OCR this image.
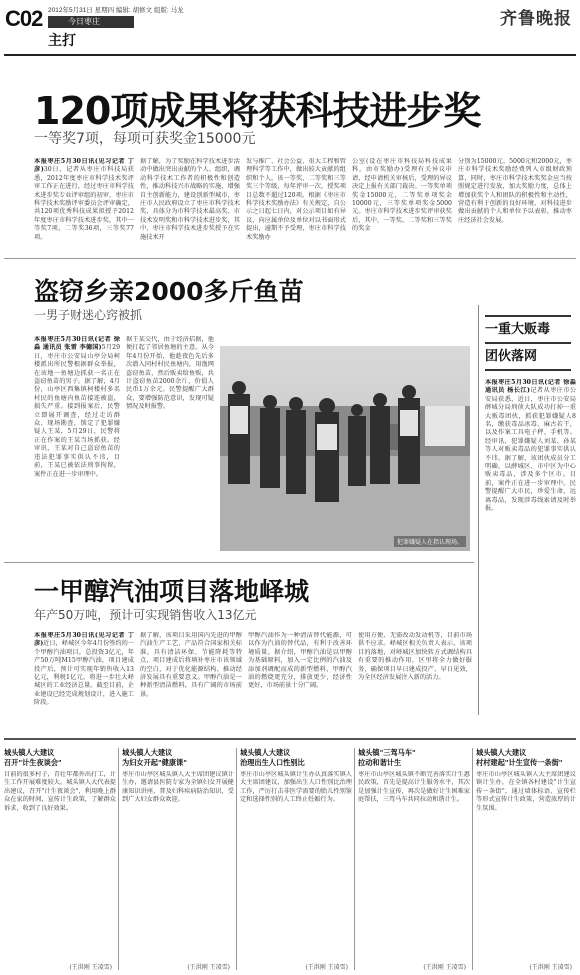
C02 2012年5月31日 星期四 编辑: 胡修文 组版: 马龙
今日枣庄
主打
齐鲁晚报
120项成果将获科技进步奖
一等奖7项，每项可获奖金15000元
本报枣庄5月30日讯(见习记者 丁彦)30日，记者从枣庄市科技局获悉，2012年度枣庄市科学技术奖评审工作正在进行，经过枣庄市科学技术进步奖专业评审组的初审，枣庄市科学技术奖励评审委员会评审确定，共120项优秀科技成果拟授予2012年度枣庄市科学技术进步奖，其中一等奖7项，二等奖36项，三等奖77项。
据了解，为了奖励在科学技术进步活动中做出突出贡献的个人、组织，调动科学技术工作者的积极性和创造性，推动科技兴市战略的实施，增强自主创新能力，建设创新型城市，枣庄市人民政府设立了枣庄市科学技术奖，具体分为市科学技术最高奖、市技术发明奖和市科学技术进步奖，其中，枣庄市科学技术进步奖授予在实施技术开
发与推广、社会公益、重大工程和管理科学等工作中，做出较大贡献的组织和个人。该一等奖、二等奖和三等奖三个等级，每年评审一次，授奖项目总数不超过120项。根据《枣庄市科学技术奖励办法》有关规定，自公示之日起七日内，对公示项目如有异议，向应属单位及单位对以书面形式提出，逾期不予受理，枣庄市科学技术奖励办
公室(设在枣庄市科技局科技成果科，由市奖励办)受理有关异议申请，经申请机关审核后，受理的异议决定上报有关部门裁决。一等奖单项奖金15000元，二等奖单项奖金10000元，三等奖单项奖金5000元。枣庄市科学技术进步奖评审获奖后，其中，一等奖、二等奖和三等奖的奖金
分别为15000元、5000元和2000元，枣庄市科学技术奖励经费列入市级财政预算，同时，枣庄市科学技术奖奖金应当按照规定进行发放，加大奖励力度，总体上增加获奖个人和团队的积极性和主动性，营造有利于创新的良好环境，对科技进步做出贡献的个人和单位予以表彰，推动枣庄经济社会发展。
盗窃乡亲2000多斤鱼苗
一男子财迷心窍被抓
本报枣庄5月30日讯(记者 徐淼 通讯员 张雷 李德国)5月29日，枣庄市公安局山亭分局柯楼派出所民警根据群众举报，在该地一鱼塘边抓获一名正在盗窃鱼苗的男子。据了解，4月份，山亭区西集镇柯楼村多名村民的鱼塘内鱼苗接连被盗，损失严重。接到报案后，民警立即展开调查，经过走访群众、现场勘查，锁定了犯罪嫌疑人王某，5月29日，民警将正在作案的王某当场抓获。经审讯，王某对自己盗窃鱼苗的违法犯罪事实供认不讳，目前，王某已被依法刑事拘留，案件正在进一步审理中。
据王某交代，由于经济拮据，他便打起了邻居鱼塘的主意。从今年4月份开始，他趁夜色先后多次潜入同村村民鱼塘内，用渔网盗窃鱼苗，然后贩卖给鱼贩，共计盗窃鱼苗2000余斤，价值人民币1万余元。民警提醒广大群众，要增强防范意识，发现可疑情况及时报警。
犯罪嫌疑人在指认现场。
一重大贩毒
团伙落网
本报枣庄5月30日讯(记者 徐淼 通讯员 杨长江)记者从枣庄市公安局获悉，近日，枣庄市公安局薛城分局刑侦大队成功打掉一重大贩毒团伙，抓获犯罪嫌疑人8名，缴获毒品冰毒、麻古若干，以及作案工具电子秤、手机等。经审讯，犯罪嫌疑人刘某、孙某等人对贩卖毒品的犯罪事实供认不讳。据了解，该团伙成员分工明确，以薛城区、市中区为中心贩卖毒品，涉及多个区市。目前，案件正在进一步审理中。民警提醒广大市民，珍爱生命，远离毒品，发现涉毒线索请及时举报。
一甲醇汽油项目落地峄城
年产50万吨，预计可实现销售收入13亿元
本报枣庄5月30日讯(见习记者 丁彦)近日，峄城区今年4月份签约的一个甲醇汽油项目，总投资3亿元，年产50万吨M15甲醇汽油，项目建成投产后，预计可实现年销售收入13亿元，利税1亿元，将进一步壮大峄城区的工业经济总量。截至目前，企业建设已经完成规划设计，进入施工阶段。
据了解，该项目采用国内先进的甲醇汽油生产工艺，产品符合国家相关标准，具有清洁环保、节能降耗等特点，项目建成后将填补枣庄市该领域的空白，对于优化能源结构、推动经济发展具有重要意义。甲醇汽油是一种新型清洁燃料，具有广阔的市场前景。
甲醇汽油作为一种清洁替代能源，可以作为汽油的替代品，有利于改善环境质量。据介绍，甲醇汽油是以甲醇为基础原料，加入一定比例的汽油及添加剂调配而成的新型燃料，甲醇汽油的燃烧更充分，排放更少，经济性更好，市场前景十分广阔。
使用方便、无需改动发动机等，目前市场供不应求。峄城区相关负责人表示，该项目的落地，对峄城区加快转方式调结构具有重要的推动作用，区里将全力做好服务，确保项目早日建成投产、早日见效，为全区经济发展注入新的活力。
城头镇人大建议
召开"计生夜谈会"
目前的很多村子，青壮年都外出打工，计生工作开展难度较大。城头镇人大代表提出建议，召开"计生夜谈会"，利用晚上群众在家的时间，宣传计生政策，了解群众诉求，收到了良好效果。
(王洪刚 王凌雪)
城头镇人大建议
为妇女开起"健康课"
枣庄市山亭区城头镇人大主席团建议镇计生办，邀请县医院专家为全镇妇女开展健康知识讲座，普及妇科疾病防治知识，受到广大妇女群众欢迎。
(王洪刚 王凌雪)
城头镇人大建议
治理出生人口性别比
枣庄市山亭区城头镇计生办认真落实镇人大主席团建议，加强出生人口性别比治理工作，严厉打击非医学需要的胎儿性别鉴定和选择性别的人工终止妊娠行为。
(王洪刚 王凌雪)
城头镇"三驾马车"
拉动和谐计生
枣庄市山亭区城头镇不断完善落实计生惠民政策，首先是提高计生服务水平，其次是加强计生宣传，再次是做好计生困难家庭帮扶，三驾马车共同拉动和谐计生。
(王洪刚 王凌雪)
城头镇人大建议
村村建起"计生宣传一条街"
枣庄市山亭区城头镇人大主席团建议镇计生办，在全镇各村建设"计生宣传一条街"，通过墙体标语、宣传栏等形式宣传计生政策，营造浓厚的计生氛围。
(王洪刚 王凌雪)
